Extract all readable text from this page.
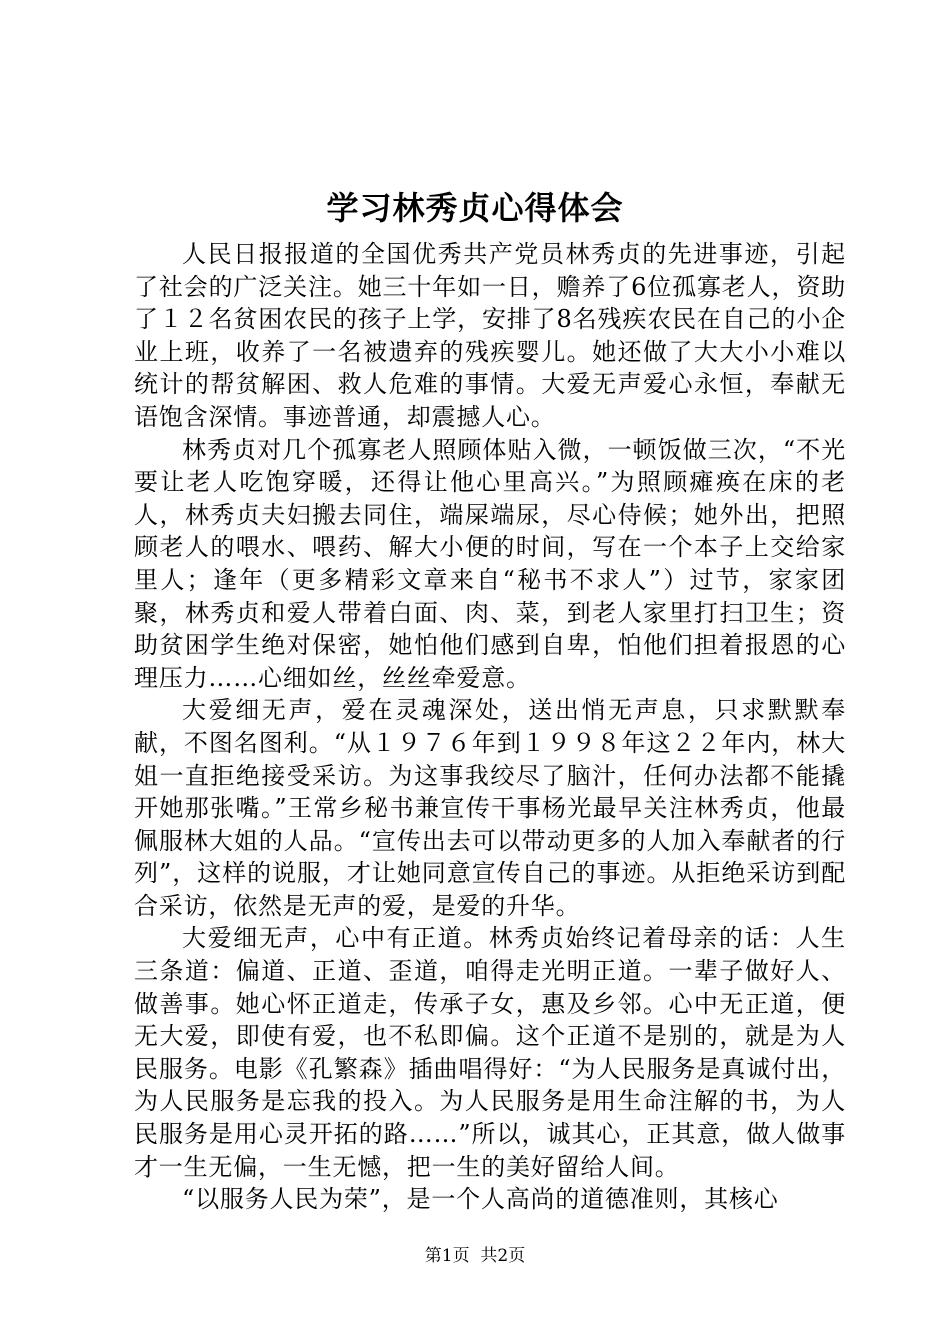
学习林秀贞心得体会

人民日报报道的全国优秀共产党员林秀贞的先进事迹，引起了社会的广泛关注。她三十年如一日，赡养了6位孤寡老人，资助了１２名贫困农民的孩子上学，安排了8名残疾农民在自己的小企业上班，收养了一名被遗弃的残疾婴儿。她还做了大大小小难以统计的帮贫解困、救人危难的事情。大爱无声爱心永恒，奉献无语饱含深情。事迹普通，却震撼人心。

林秀贞对几个孤寡老人照顾体贴入微，一顿饭做三次，“不光要让老人吃饱穿暖，还得让他心里高兴。”为照顾瘫痪在床的老人，林秀贞夫妇搬去同住，端屎端尿，尽心侍候；她外出，把照顾老人的喂水、喂药、解大小便的时间，写在一个本子上交给家里人；逢年（更多精彩文章来自“秘书不求人”）过节，家家团聚，林秀贞和爱人带着白面、肉、菜，到老人家里打扫卫生；资助贫困学生绝对保密，她怕他们感到自卑，怕他们担着报恩的心理压力……心细如丝，丝丝牵爱意。

大爱细无声，爱在灵魂深处，送出悄无声息，只求默默奉献，不图名图利。“从１９７６年到１９９８年这２２年内，林大姐一直拒绝接受采访。为这事我绞尽了脑汁，任何办法都不能撬开她那张嘴。”王常乡秘书兼宣传干事杨光最早关注林秀贞，他最佩服林大姐的人品。“宣传出去可以带动更多的人加入奉献者的行列”，这样的说服，才让她同意宣传自己的事迹。从拒绝采访到配合采访，依然是无声的爱，是爱的升华。

大爱细无声，心中有正道。林秀贞始终记着母亲的话：人生三条道：偏道、正道、歪道，咱得走光明正道。一辈子做好人、做善事。她心怀正道走，传承子女，惠及乡邻。心中无正道，便无大爱，即使有爱，也不私即偏。这个正道不是别的，就是为人民服务。电影《孔繁森》插曲唱得好：“为人民服务是真诚付出，为人民服务是忘我的投入。为人民服务是用生命注解的书，为人民服务是用心灵开拓的路……”所以，诚其心，正其意，做人做事才一生无偏，一生无憾，把一生的美好留给人间。

“以服务人民为荣”，是一个人高尚的道德准则，其核心

第1页 共2页
